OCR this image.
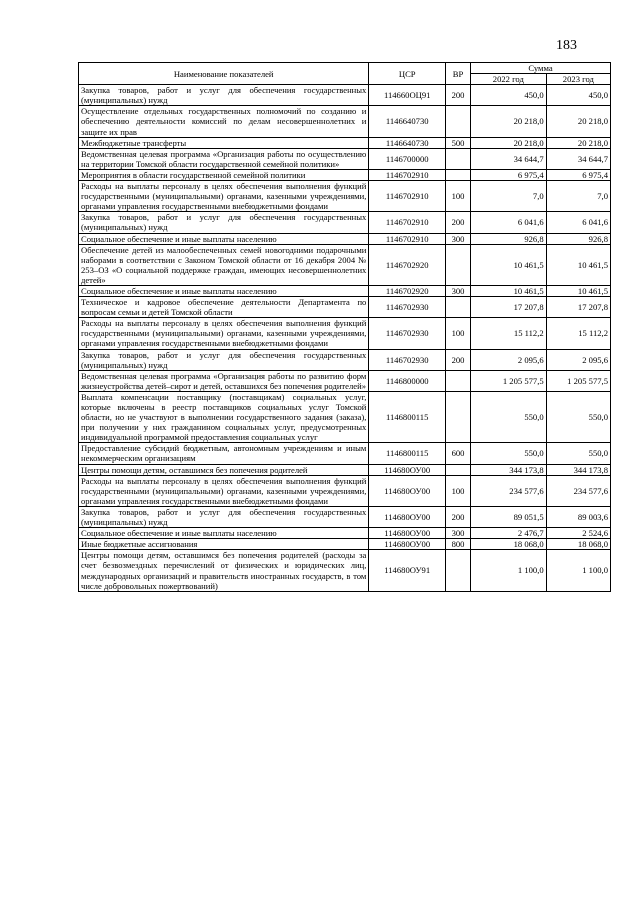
183
Наименование показателей	ЦСР	ВР	Сумма	
			2022 год	2023 год
Закупка товаров, работ и услуг для обеспечения государственных (муниципальных) нужд	114660ОЦ91	200	450,0	450,0
Осуществление отдельных государственных полномочий по созданию и обеспечению деятельности комиссий по делам несовершеннолетних и защите их прав	1146640730		20 218,0	20 218,0
Межбюджетные трансферты	1146640730	500	20 218,0	20 218,0
Ведомственная целевая программа «Организация работы по осуществлению на территории Томской области государственной семейной политики»	1146700000		34 644,7	34 644,7
Мероприятия в области государственной семейной политики	1146702910		6 975,4	6 975,4
Расходы на выплаты персоналу в целях обеспечения выполнения функций государственными (муниципальными) органами, казенными учреждениями, органами управления государственными внебюджетными фондами	1146702910	100	7,0	7,0
Закупка товаров, работ и услуг для обеспечения государственных (муниципальных) нужд	1146702910	200	6 041,6	6 041,6
Социальное обеспечение и иные выплаты населению	1146702910	300	926,8	926,8
Обеспечение детей из малообеспеченных семей новогодними подарочными наборами в соответствии с Законом Томской области от 16 декабря 2004 № 253–ОЗ «О социальной поддержке граждан, имеющих несовершеннолетних детей»	1146702920		10 461,5	10 461,5
Социальное обеспечение и иные выплаты населению	1146702920	300	10 461,5	10 461,5
Техническое и кадровое обеспечение деятельности Департамента по вопросам семьи и детей Томской области	1146702930		17 207,8	17 207,8
Расходы на выплаты персоналу в целях обеспечения выполнения функций государственными (муниципальными) органами, казенными учреждениями, органами управления государственными внебюджетными фондами	1146702930	100	15 112,2	15 112,2
Закупка товаров, работ и услуг для обеспечения государственных (муниципальных) нужд	1146702930	200	2 095,6	2 095,6
Ведомственная целевая программа «Организация работы по развитию форм жизнеустройства детей–сирот и детей, оставшихся без попечения родителей»	1146800000		1 205 577,5	1 205 577,5
Выплата компенсации поставщику (поставщикам) социальных услуг, которые включены в реестр поставщиков социальных услуг Томской области, но не участвуют в выполнении государственного задания (заказа), при получении у них гражданином социальных услуг, предусмотренных индивидуальной программой предоставления социальных услуг	1146800115		550,0	550,0
Предоставление субсидий бюджетным, автономным учреждениям и иным некоммерческим организациям	1146800115	600	550,0	550,0
Центры помощи детям, оставшимся без попечения родителей	114680ОУ00		344 173,8	344 173,8
Расходы на выплаты персоналу в целях обеспечения выполнения функций государственными (муниципальными) органами, казенными учреждениями, органами управления государственными внебюджетными фондами	114680ОУ00	100	234 577,6	234 577,6
Закупка товаров, работ и услуг для обеспечения государственных (муниципальных) нужд	114680ОУ00	200	89 051,5	89 003,6
Социальное обеспечение и иные выплаты населению	114680ОУ00	300	2 476,7	2 524,6
Иные бюджетные ассигнования	114680ОУ00	800	18 068,0	18 068,0
Центры помощи детям, оставшимся без попечения родителей (расходы за счет безвозмездных перечислений от физических и юридических лиц, международных организаций и правительств иностранных государств, в том числе добровольных пожертвований)	114680ОУ91		1 100,0	1 100,0
